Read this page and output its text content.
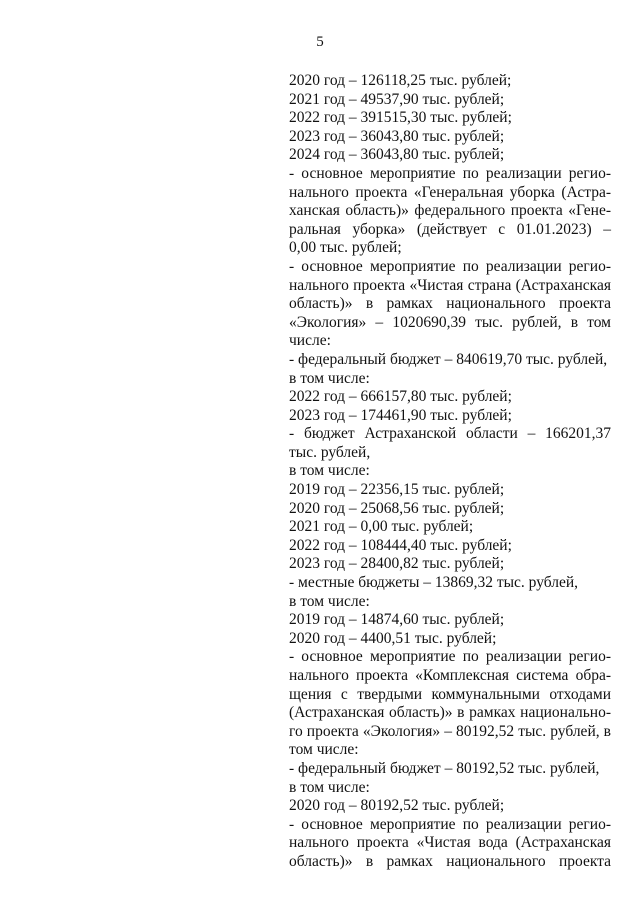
5
2020 год – 126118,25 тыс. рублей;
2021 год – 49537,90 тыс. рублей;
2022 год – 391515,30 тыс. рублей;
2023 год – 36043,80 тыс. рублей;
2024 год – 36043,80 тыс. рублей;
- основное мероприятие по реализации регио-
нального проекта «Генеральная уборка (Астра-
ханская область)» федерального проекта «Гене-
ральная уборка» (действует с 01.01.2023) –
0,00 тыс. рублей;
- основное мероприятие по реализации регио-
нального проекта «Чистая страна (Астраханская
область)» в рамках национального проекта
«Экология» – 1020690,39 тыс. рублей, в том
числе:
- федеральный бюджет – 840619,70 тыс. рублей,
в том числе:
2022 год – 666157,80 тыс. рублей;
2023 год – 174461,90 тыс. рублей;
- бюджет Астраханской области – 166201,37
тыс. рублей,
в том числе:
2019 год – 22356,15 тыс. рублей;
2020 год – 25068,56 тыс. рублей;
2021 год – 0,00 тыс. рублей;
2022 год – 108444,40 тыс. рублей;
2023 год – 28400,82 тыс. рублей;
- местные бюджеты – 13869,32 тыс. рублей,
в том числе:
2019 год – 14874,60 тыс. рублей;
2020 год – 4400,51 тыс. рублей;
- основное мероприятие по реализации регио-
нального проекта «Комплексная система обра-
щения с твердыми коммунальными отходами
(Астраханская область)» в рамках национально-
го проекта «Экология» – 80192,52 тыс. рублей, в
том числе:
- федеральный бюджет – 80192,52 тыс. рублей,
в том числе:
2020 год – 80192,52 тыс. рублей;
- основное мероприятие по реализации регио-
нального проекта «Чистая вода (Астраханская
область)» в рамках национального проекта
